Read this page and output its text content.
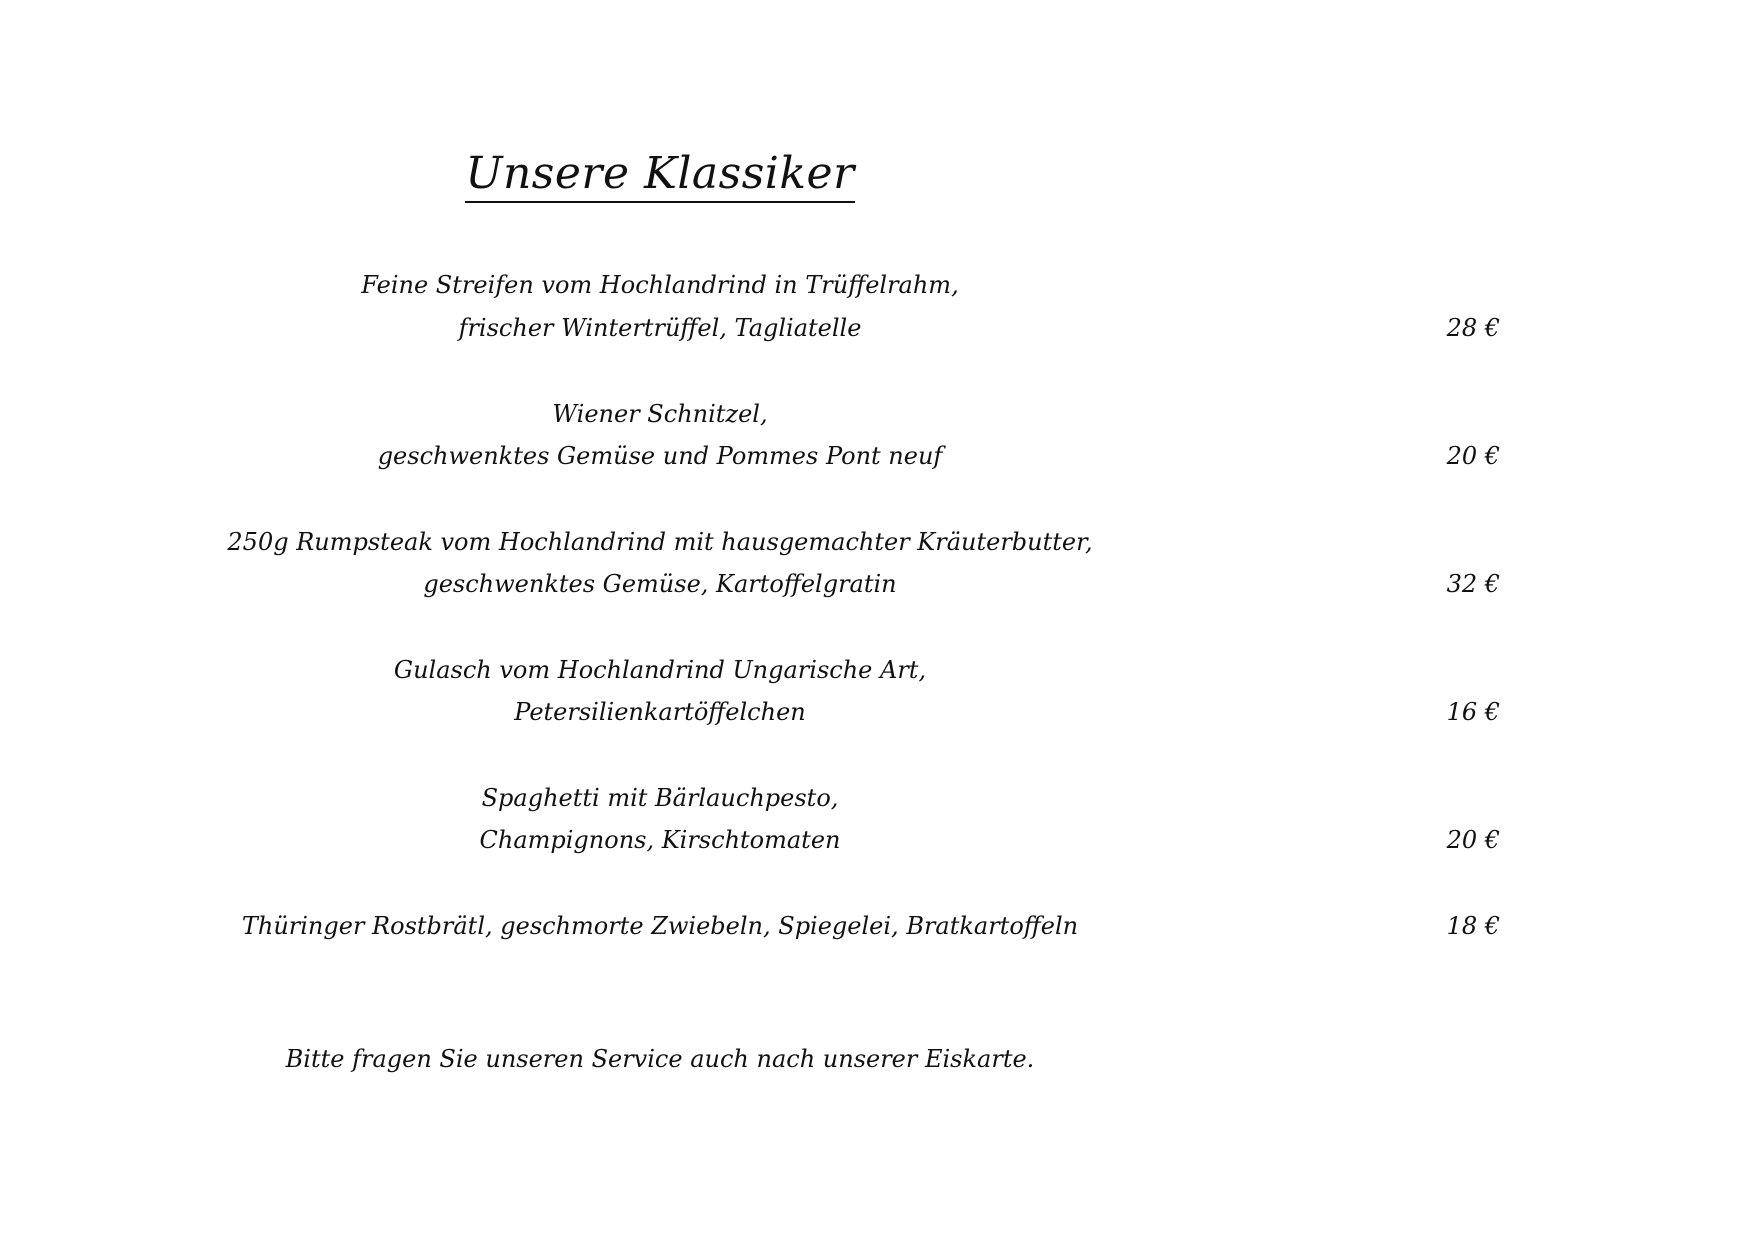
Unsere Klassiker
Feine Streifen vom Hochlandrind in Trüffelrahm,
frischer Wintertrüffel, Tagliatelle	28 €
Wiener Schnitzel,
geschwenktes Gemüse und Pommes Pont neuf	20 €
250g Rumpsteak vom Hochlandrind mit hausgemachter Kräuterbutter,
geschwenktes Gemüse, Kartoffelgratin	32 €
Gulasch vom Hochlandrind Ungarische Art,
Petersilienkartöffelchen	16 €
Spaghetti mit Bärlauchpesto,
Champignons, Kirschtomaten	20 €
Thüringer Rostbrätl, geschmorte Zwiebeln, Spiegelei, Bratkartoffeln	18 €
Bitte fragen Sie unseren Service auch nach unserer Eiskarte.
